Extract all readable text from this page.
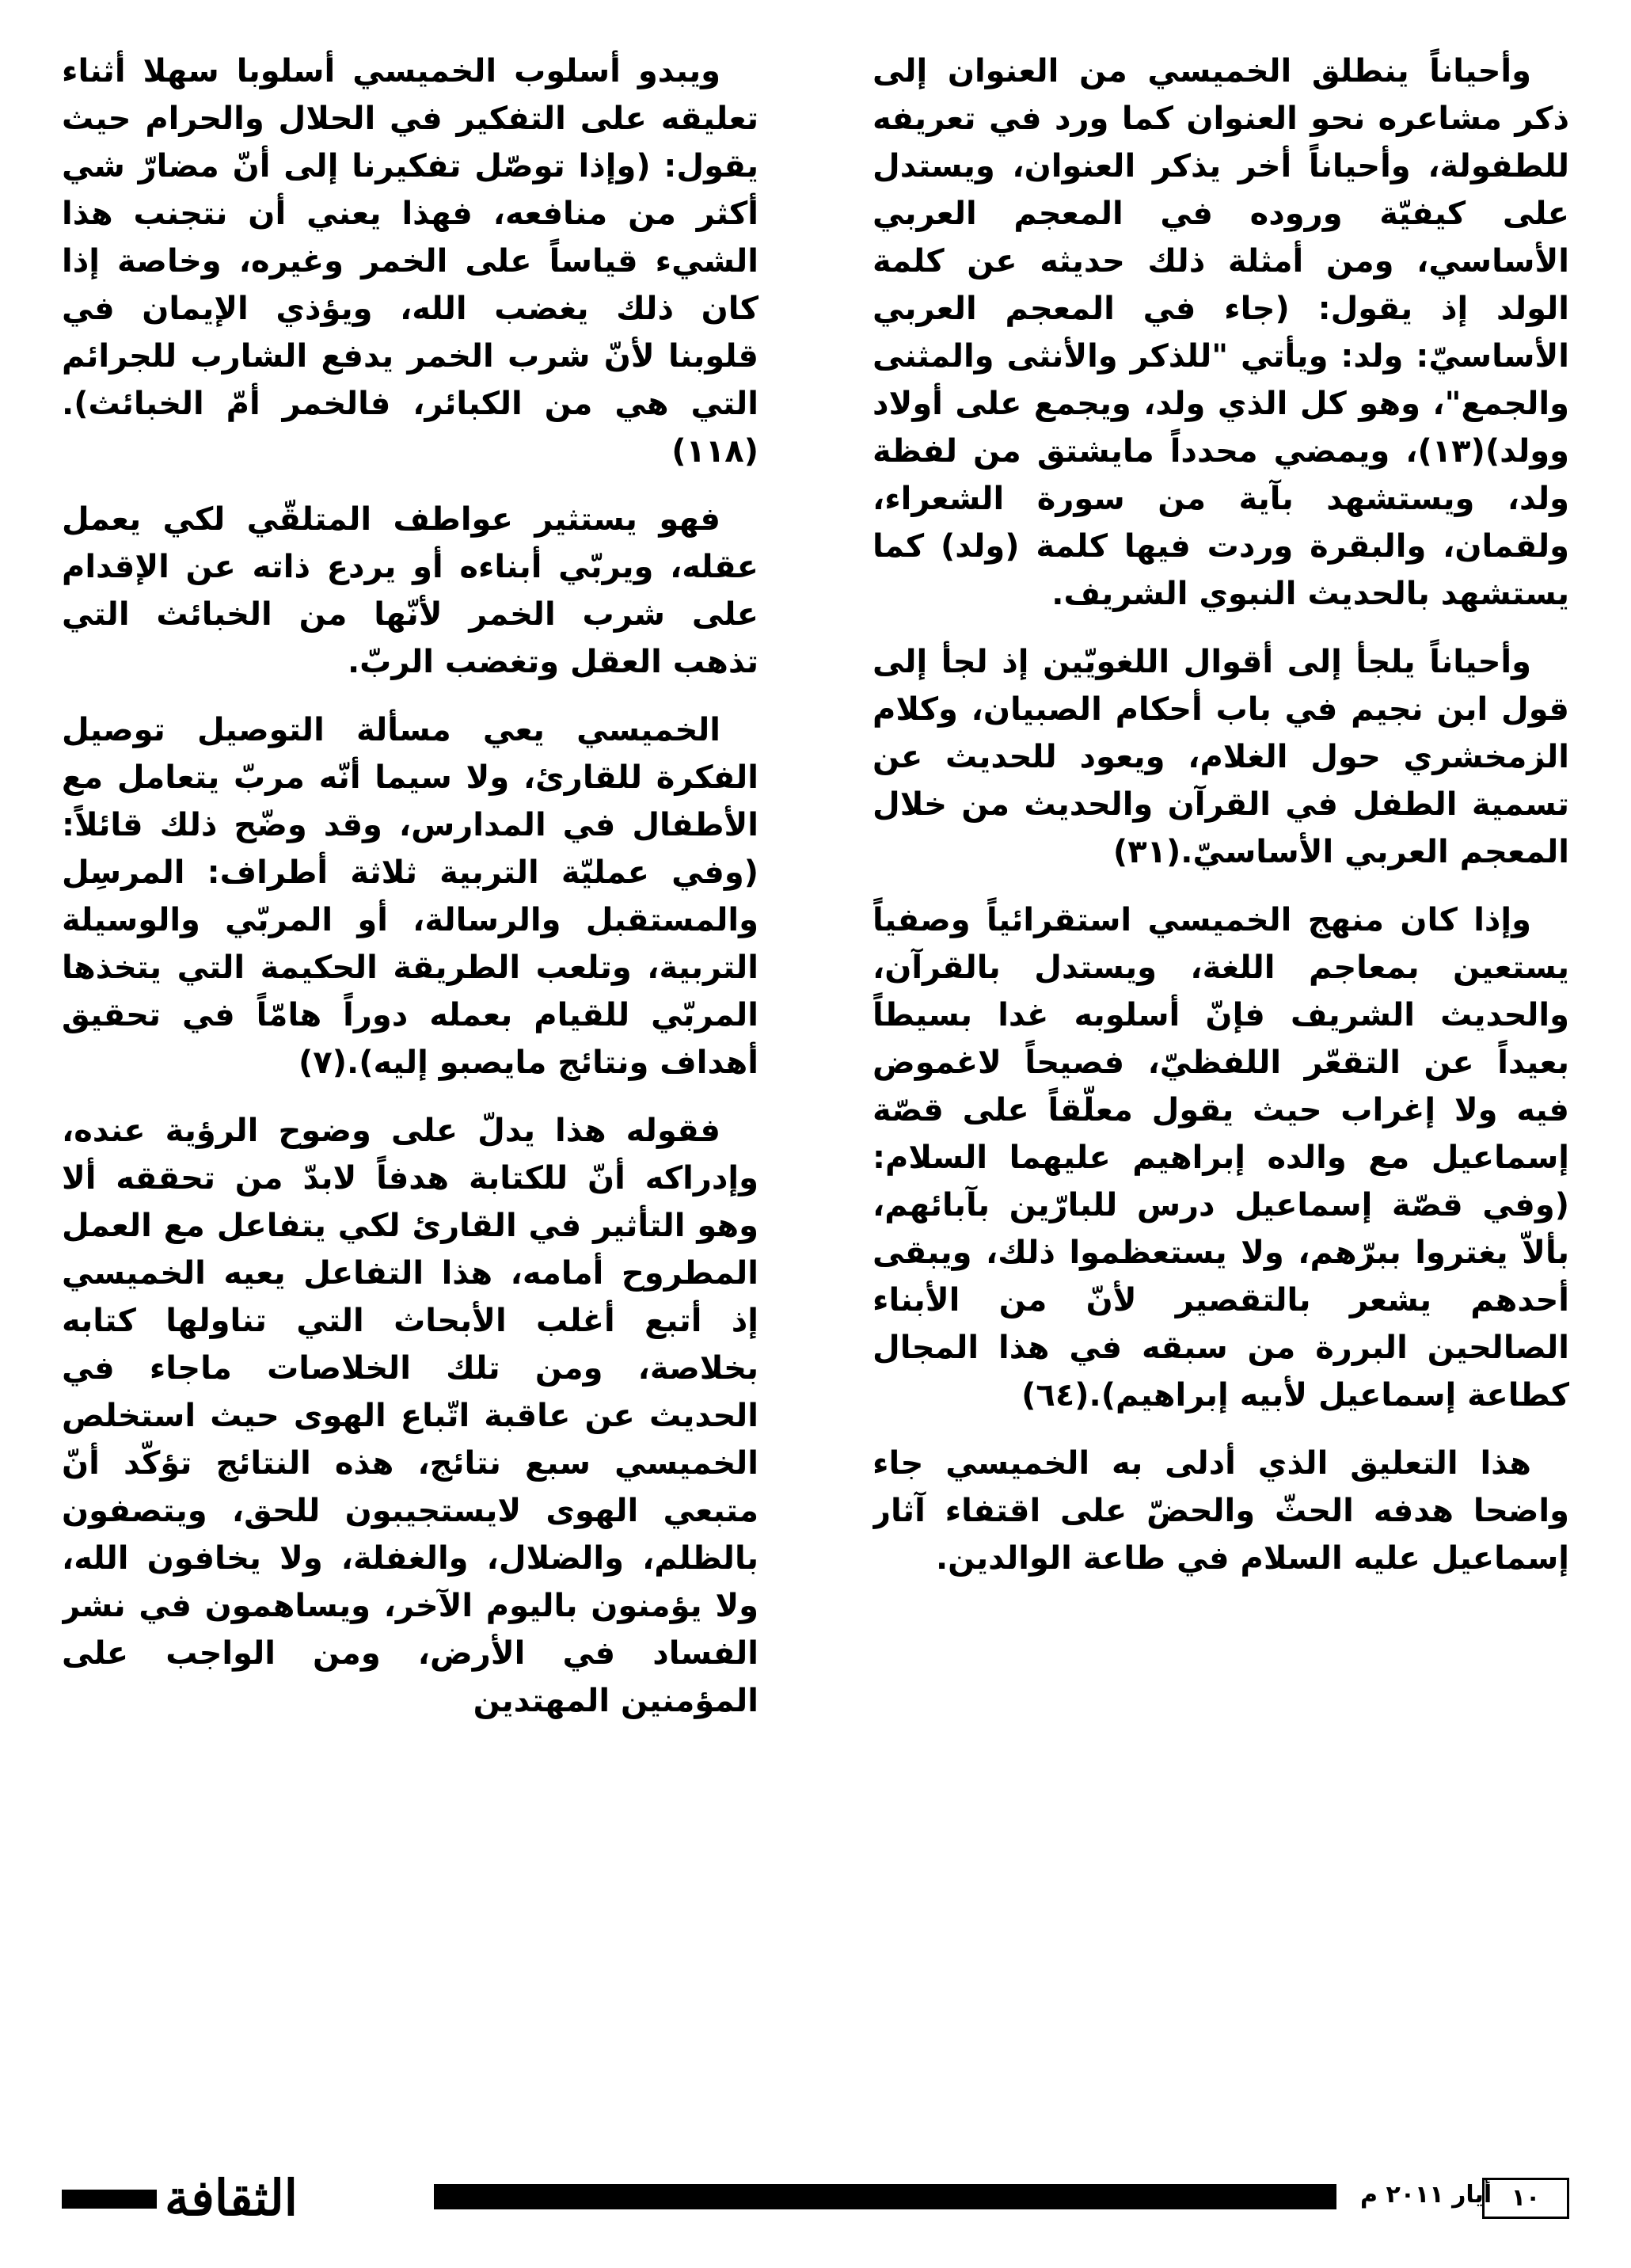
وأحياناً ينطلق الخميسي من العنوان إلى ذكر مشاعره نحو العنوان كما ورد في تعريفه للطفولة، وأحياناً أخر يذكر العنوان، ويستدل على كيفيّة وروده في المعجم العربي الأساسي، ومن أمثلة ذلك حديثه عن كلمة الولد إذ يقول: (جاء في المعجم العربي الأساسيّ: ولد: ويأتي "للذكر والأنثى والمثنى والجمع"، وهو كل الذي ولد، ويجمع على أولاد وولد)(١٣)، ويمضي محدداً مايشتق من لفظة ولد، ويستشهد بآية من سورة الشعراء، ولقمان، والبقرة وردت فيها كلمة (ولد) كما يستشهد بالحديث النبوي الشريف.

وأحياناً يلجأ إلى أقوال اللغويّين إذ لجأ إلى قول ابن نجيم في باب أحكام الصبيان، وكلام الزمخشري حول الغلام، ويعود للحديث عن تسمية الطفل في القرآن والحديث من خلال المعجم العربي الأساسيّ.(٣١)

وإذا كان منهج الخميسي استقرائياً وصفياً يستعين بمعاجم اللغة، ويستدل بالقرآن، والحديث الشريف فإنّ أسلوبه غدا بسيطاً بعيداً عن التقعّر اللفظيّ، فصيحاً لاغموض فيه ولا إغراب حيث يقول معلّقاً على قصّة إسماعيل مع والده إبراهيم عليهما السلام: (وفي قصّة إسماعيل درس للبارّين بآبائهم، بألاّ يغتروا ببرّهم، ولا يستعظموا ذلك، ويبقى أحدهم يشعر بالتقصير لأنّ من الأبناء الصالحين البررة من سبقه في هذا المجال كطاعة إسماعيل لأبيه إبراهيم).(٦٤)

هذا التعليق الذي أدلى به الخميسي جاء واضحا هدفه الحثّ والحضّ على اقتفاء آثار إسماعيل عليه السلام في طاعة الوالدين.

ويبدو أسلوب الخميسي أسلوبا سهلا أثناء تعليقه على التفكير في الحلال والحرام حيث يقول: (وإذا توصّل تفكيرنا إلى أنّ مضارّ شي أكثر من منافعه، فهذا يعني أن نتجنب هذا الشيء قياساً على الخمر وغيره، وخاصة إذا كان ذلك يغضب الله، ويؤذي الإيمان في قلوبنا لأنّ شرب الخمر يدفع الشارب للجرائم التي هي من الكبائر، فالخمر أمّ الخبائث).(١١٨)

فهو يستثير عواطف المتلقّي لكي يعمل عقله، ويربّي أبناءه أو يردع ذاته عن الإقدام على شرب الخمر لأنّها من الخبائث التي تذهب العقل وتغضب الربّ.

الخميسي يعي مسألة التوصيل توصيل الفكرة للقارئ، ولا سيما أنّه مربّ يتعامل مع الأطفال في المدارس، وقد وضّح ذلك قائلاً: (وفي عمليّة التربية ثلاثة أطراف: المرسِل والمستقبل والرسالة، أو المربّي والوسيلة التربية، وتلعب الطريقة الحكيمة التي يتخذها المربّي للقيام بعمله دوراً هامّاً في تحقيق أهداف ونتائج مايصبو إليه).(٧)

فقوله هذا يدلّ على وضوح الرؤية عنده، وإدراكه أنّ للكتابة هدفاً لابدّ من تحققه ألا وهو التأثير في القارئ لكي يتفاعل مع العمل المطروح أمامه، هذا التفاعل يعيه الخميسي إذ أتبع أغلب الأبحاث التي تناولها كتابه بخلاصة، ومن تلك الخلاصات ماجاء في الحديث عن عاقبة اتّباع الهوى حيث استخلص الخميسي سبع نتائج، هذه النتائج تؤكّد أنّ متبعي الهوى لايستجيبون للحق، ويتصفون بالظلم، والضلال، والغفلة، ولا يخافون الله، ولا يؤمنون باليوم الآخر، ويساهمون في نشر الفساد في الأرض، ومن الواجب على المؤمنين المهتدين

الثقافة	أيار ٢٠١١ م ١٠
